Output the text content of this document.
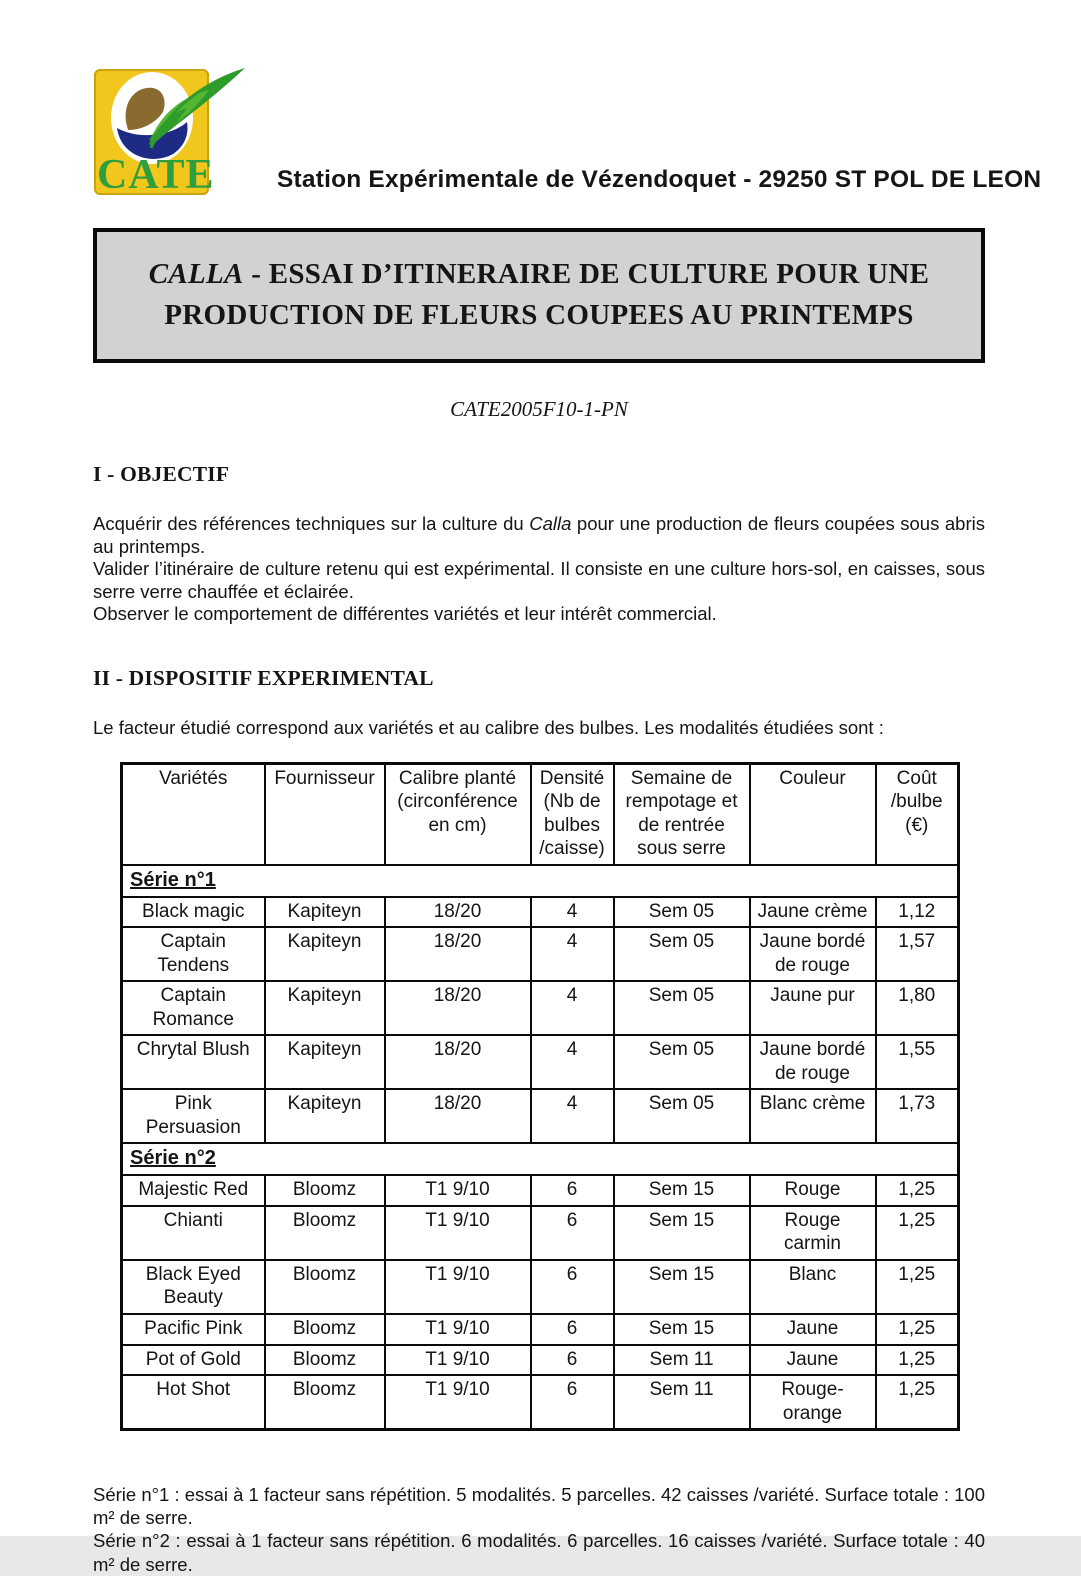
CATE	Station Expérimentale de Vézendoquet - 29250 ST POL DE LEON
CALLA - ESSAI D’ITINERAIRE DE CULTURE POUR UNE PRODUCTION DE FLEURS COUPEES AU PRINTEMPS
CATE2005F10-1-PN
I - OBJECTIF

Acquérir des références techniques sur la culture du Calla pour une production de fleurs coupées sous abris au printemps.

Valider l’itinéraire de culture retenu qui est expérimental. Il consiste en une culture hors-sol, en caisses, sous serre verre chauffée et éclairée.

Observer le comportement de différentes variétés et leur intérêt commercial.

II - DISPOSITIF EXPERIMENTAL

Le facteur étudié correspond aux variétés et au calibre des bulbes. Les modalités étudiées sont :

Variétés	Fournisseur	Calibre planté (circonférence en cm)	Densité (Nb de bulbes /caisse)	Semaine de rempotage et de rentrée sous serre	Couleur	Coût /bulbe (€)
Série n°1						
Black magic	Kapiteyn	18/20	4	Sem 05	Jaune crème	1,12
Captain Tendens	Kapiteyn	18/20	4	Sem 05	Jaune bordé de rouge	1,57
Captain Romance	Kapiteyn	18/20	4	Sem 05	Jaune pur	1,80
Chrytal Blush	Kapiteyn	18/20	4	Sem 05	Jaune bordé de rouge	1,55
Pink Persuasion	Kapiteyn	18/20	4	Sem 05	Blanc crème	1,73
Série n°2						
Majestic Red	Bloomz	T1 9/10	6	Sem 15	Rouge	1,25
Chianti	Bloomz	T1 9/10	6	Sem 15	Rouge carmin	1,25
Black Eyed Beauty	Bloomz	T1 9/10	6	Sem 15	Blanc	1,25
Pacific Pink	Bloomz	T1 9/10	6	Sem 15	Jaune	1,25
Pot of Gold	Bloomz	T1 9/10	6	Sem 11	Jaune	1,25
Hot Shot	Bloomz	T1 9/10	6	Sem 11	Rouge-orange	1,25

Série n°1 : essai à 1 facteur sans répétition. 5 modalités. 5 parcelles. 42 caisses /variété. Surface totale : 100 m² de serre.

Série n°2 : essai à 1 facteur sans répétition. 6 modalités. 6 parcelles. 16 caisses /variété. Surface totale : 40 m² de serre.
